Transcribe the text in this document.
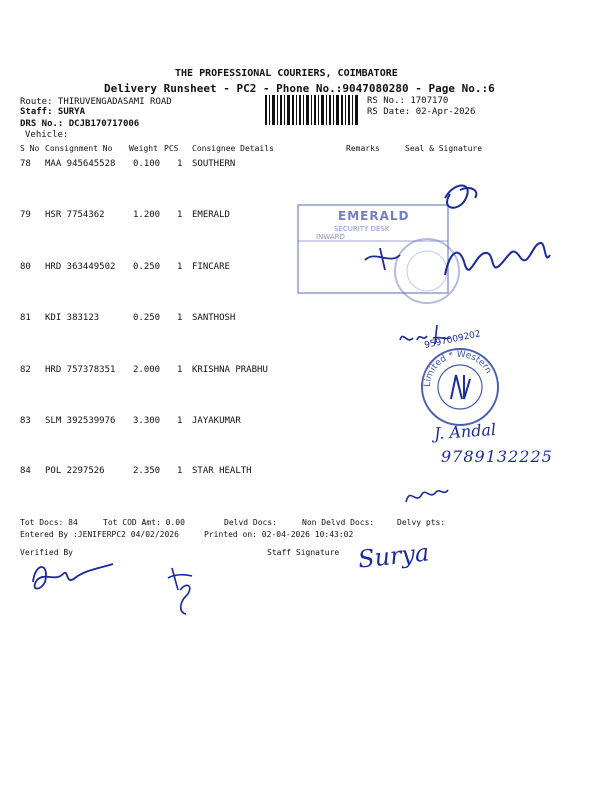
THE PROFESSIONAL COURIERS, COIMBATORE
Delivery Runsheet - PC2 - Phone No.:9047080280 - Page No.:6
Route: THIRUVENGADASAMI ROAD
Staff: SURYA
DRS No.: DCJB170717006
Vehicle:
RS No.: 1707170
RS Date: 02-Apr-2026
S No Consignment No Weight PCS Consignee Details	Remarks	Seal & Signature
78 MAA 945645528 0.100 1 SOUTHERN
79 HSR 7754362	1.200 1 EMERALD
80 HRD 363449502 0.250 1 FINCARE
81 KDI 383123	0.250 1 SANTHOSH
82 HRD 757378351 2.000 1 KRISHNA PRABHU
83 SLM 392539976 3.300 1 JAYAKUMAR
84 POL 2297526	2.350 1 STAR HEALTH
Tot Docs: 84	Tot COD Amt: 0.00	Delvd Docs:	Non Delvd Docs:	Delvy pts:
Entered By :JENIFERPC2 04/02/2026	Printed on: 02-04-2026 10:43:02
Verified By	Staff Signature
EMERALD
SECURITY DESK
INWARD
Limited * Western
Sudha
9597009202
J. Andal
9789132225
Surya
